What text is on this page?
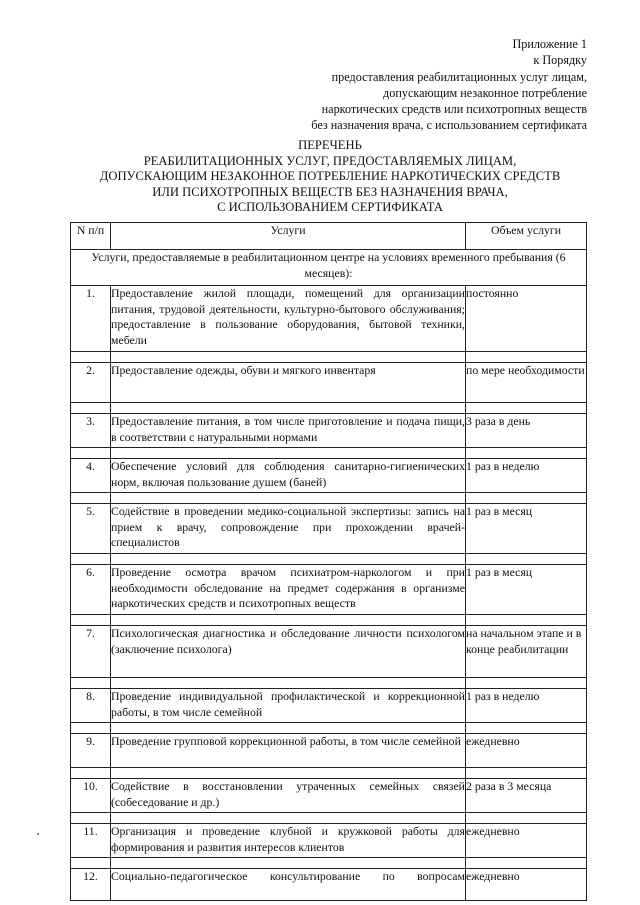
Приложение 1
к Порядку
предоставления реабилитационных услуг лицам,
допускающим незаконное потребление
наркотических средств или психотропных веществ
без назначения врача, с использованием сертификата
ПЕРЕЧЕНЬ
РЕАБИЛИТАЦИОННЫХ УСЛУГ, ПРЕДОСТАВЛЯЕМЫХ ЛИЦАМ,
ДОПУСКАЮЩИМ НЕЗАКОННОЕ ПОТРЕБЛЕНИЕ НАРКОТИЧЕСКИХ СРЕДСТВ
ИЛИ ПСИХОТРОПНЫХ ВЕЩЕСТВ БЕЗ НАЗНАЧЕНИЯ ВРАЧА,
С ИСПОЛЬЗОВАНИЕМ СЕРТИФИКАТА
N п/п	Услуги	Объем услуги
Услуги, предоставляемые в реабилитационном центре на условиях временного пребывания (6 месяцев):		
1.	Предоставление жилой площади, помещений для организации питания, трудовой деятельности, культурно-бытового обслуживания; предоставление в пользование оборудования, бытовой техники, мебели	постоянно

2.	Предоставление одежды, обуви и мягкого инвентаря	по мере необходимости

3.	Предоставление питания, в том числе приготовление и подача пищи, в соответствии с натуральными нормами	3 раза в день

4.	Обеспечение условий для соблюдения санитарно-гигиенических норм, включая пользование душем (баней)	1 раз в неделю

5.	Содействие в проведении медико-социальной экспертизы: запись на прием к врачу, сопровождение при прохождении врачей-специалистов	1 раз в месяц

6.	Проведение осмотра врачом психиатром-наркологом и при необходимости обследование на предмет содержания в организме наркотических средств и психотропных веществ	1 раз в месяц

7.	Психологическая диагностика и обследование личности психологом (заключение психолога)	на начальном этапе и в конце реабилитации

8.	Проведение индивидуальной профилактической и коррекционной работы, в том числе семейной	1 раз в неделю

9.	Проведение групповой коррекционной работы, в том числе семейной	ежедневно

10.	Содействие в восстановлении утраченных семейных связей (собеседование и др.)	2 раза в 3 месяца

11.	Организация и проведение клубной и кружковой работы для формирования и развития интересов клиентов	ежедневно

12.	Социально-педагогическое консультирование по вопросам	ежедневно
